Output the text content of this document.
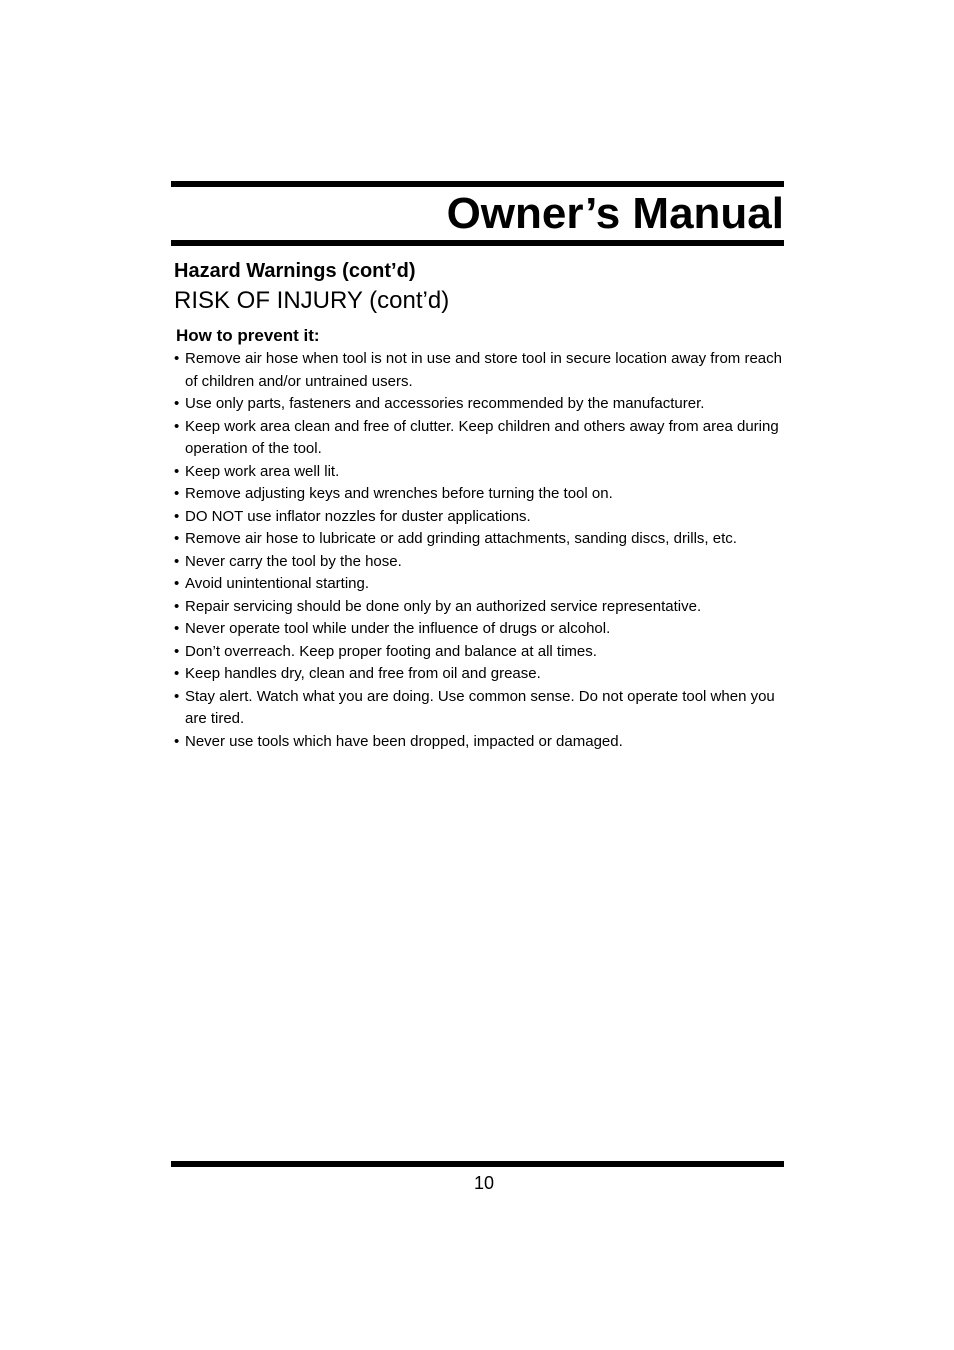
Owner’s Manual
Hazard Warnings (cont’d)
RISK OF INJURY (cont’d)
How to prevent it:
• Remove air hose when tool is not in use and store tool in secure location away from reach of children and/or untrained users.
• Use only parts, fasteners and accessories recommended by the manufacturer.
• Keep work area clean and free of clutter. Keep children and others away from area during operation of the tool.
• Keep work area well lit.
• Remove adjusting keys and wrenches before turning the tool on.
• DO NOT use inflator nozzles for duster applications.
• Remove air hose to lubricate or add grinding attachments, sanding discs, drills, etc.
• Never carry the tool by the hose.
• Avoid unintentional starting.
• Repair servicing should be done only by an authorized service representative.
• Never operate tool while under the influence of drugs or alcohol.
• Don’t overreach. Keep proper footing and balance at all times.
• Keep handles dry, clean and free from oil and grease.
• Stay alert. Watch what you are doing. Use common sense. Do not operate tool when you are tired.
• Never use tools which have been dropped, impacted or damaged.
10
